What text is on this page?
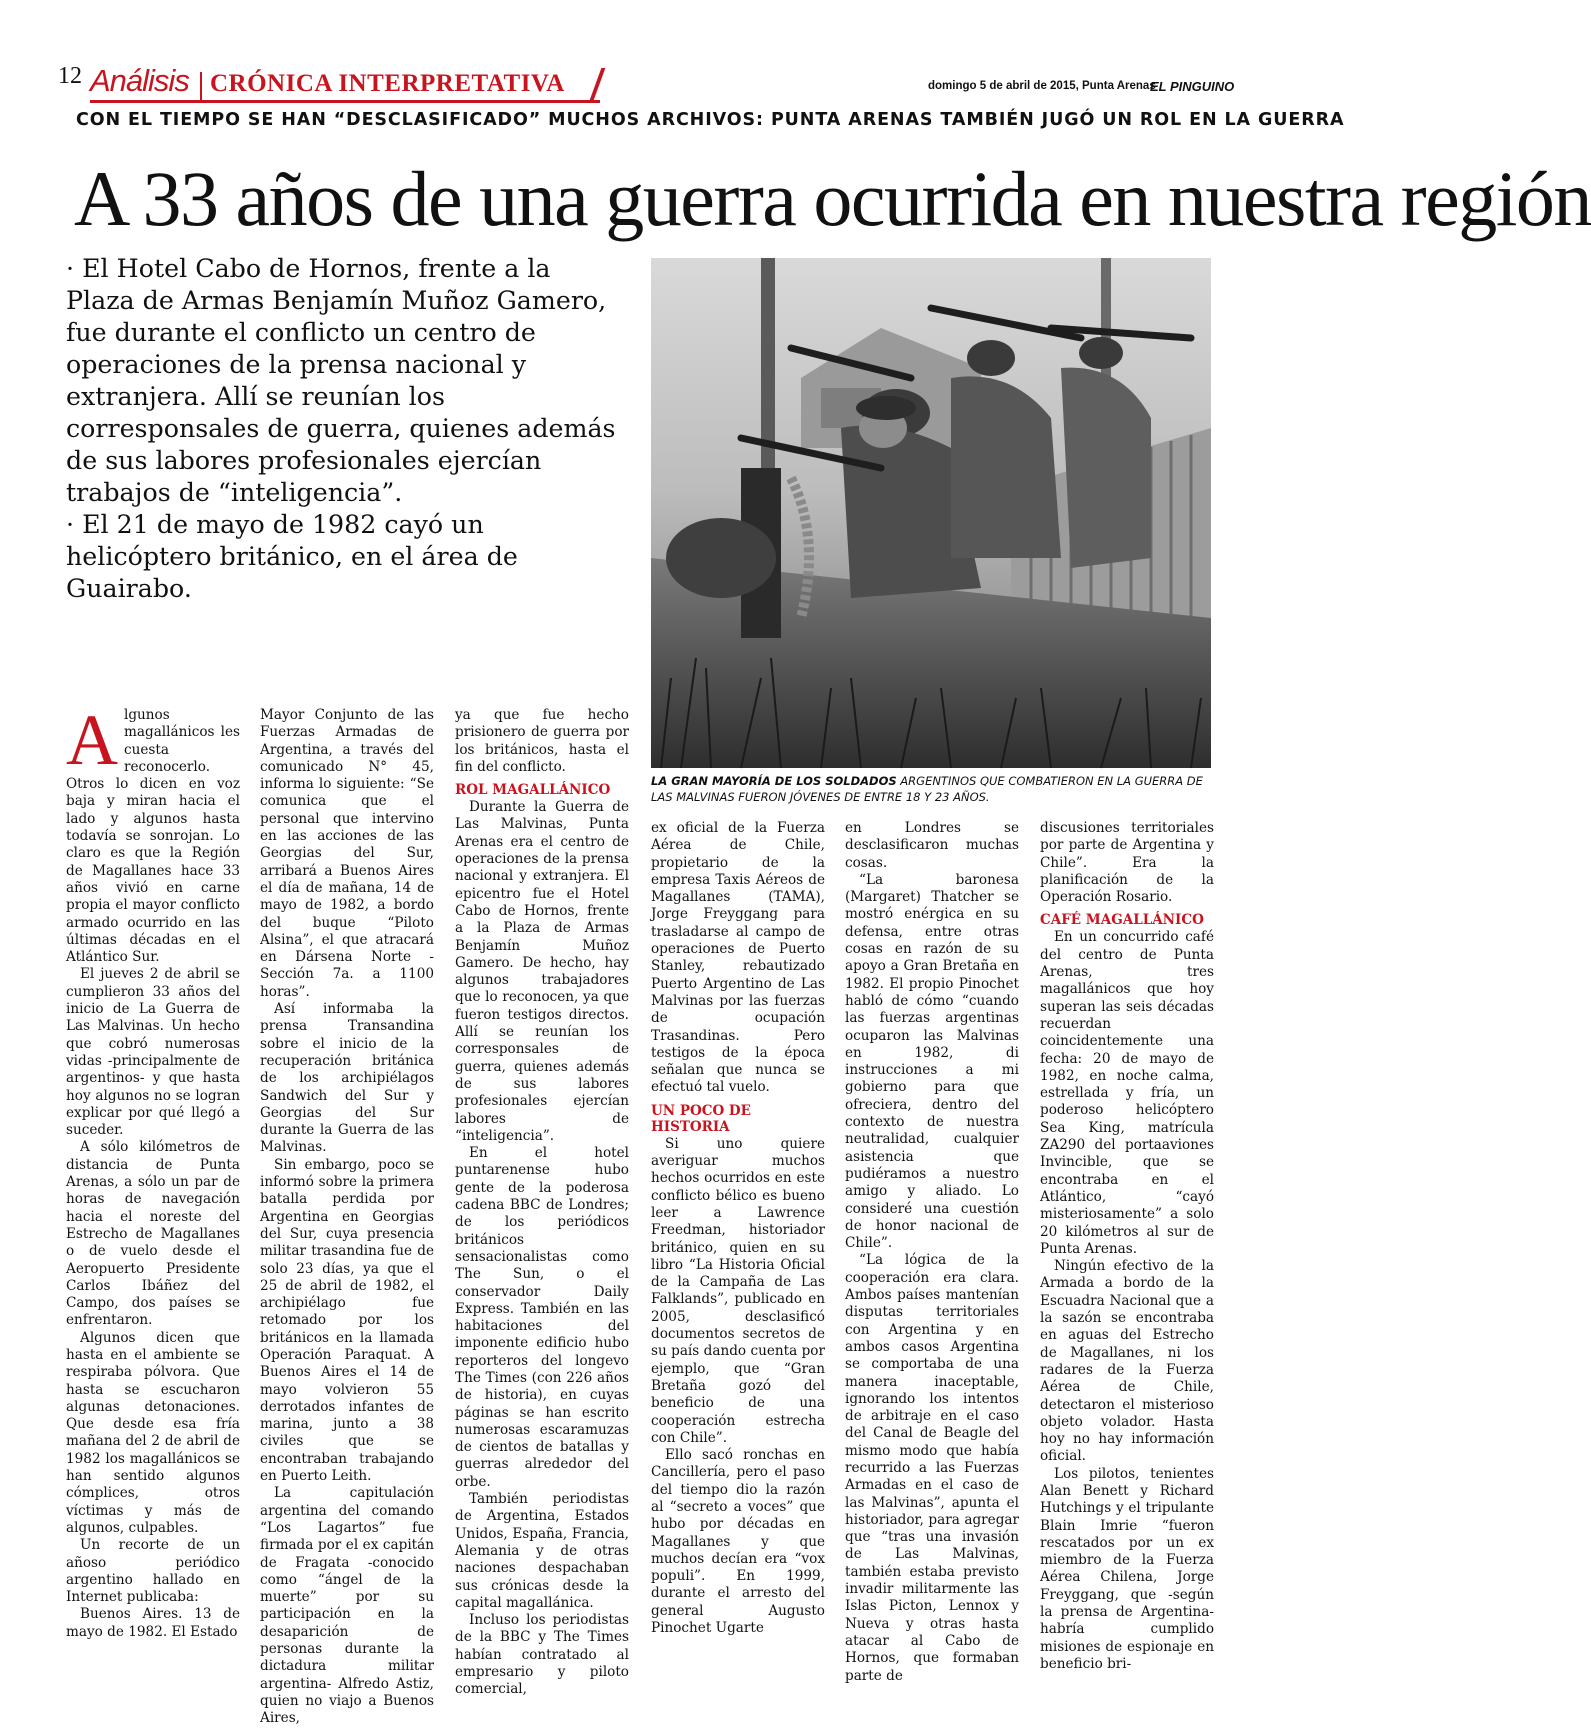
12 Análisis CRÓNICA INTERPRETATIVA	domingo 5 de abril de 2015, Punta Arenas
EL PINGUINO
CON EL TIEMPO SE HAN “DESCLASIFICADO” MUCHOS ARCHIVOS: PUNTA ARENAS TAMBIÉN JUGÓ UN ROL EN LA GUERRA
A 33 años de una guerra ocurrida en nuestra región

· El Hotel Cabo de Hornos, frente a la Plaza de Armas Benjamín Muñoz Gamero, fue durante el conflicto un centro de operaciones de la prensa nacional y extranjera. Allí se reunían los corresponsales de guerra, quienes además de sus labores profesionales ejercían trabajos de “inteligencia”.

· El 21 de mayo de 1982 cayó un helicóptero británico, en el área de Guairabo.

LA GRAN MAYORÍA DE LOS SOLDADOS ARGENTINOS QUE COMBATIERON EN LA GUERRA DE LAS MALVINAS FUERON JÓVENES DE ENTRE 18 Y 23 AÑOS.
A lgunos magallánicos les cuesta reconocerlo. Otros lo dicen en voz baja y miran hacia el lado y algunos hasta todavía se sonrojan. Lo claro es que la Región de Magallanes hace 33 años vivió en carne propia el mayor conflicto armado ocurrido en las últimas décadas en el Atlántico Sur.

El jueves 2 de abril se cumplieron 33 años del inicio de La Guerra de Las Malvinas. Un hecho que cobró numerosas vidas -principalmente de argentinos- y que hasta hoy algunos no se logran explicar por qué llegó a suceder.

A sólo kilómetros de distancia de Punta Arenas, a sólo un par de horas de navegación hacia el noreste del Estrecho de Magallanes o de vuelo desde el Aeropuerto Presidente Carlos Ibáñez del Campo, dos países se enfrentaron.

Algunos dicen que hasta en el ambiente se respiraba pólvora. Que hasta se escucharon algunas detonaciones. Que desde esa fría mañana del 2 de abril de 1982 los magallánicos se han sentido algunos cómplices, otros víctimas y más de algunos, culpables.

Un recorte de un añoso periódico argentino hallado en Internet publicaba:

Buenos Aires. 13 de mayo de 1982. El Estado

Mayor Conjunto de las Fuerzas Armadas de Argentina, a través del comunicado N° 45, informa lo siguiente: “Se comunica que el personal que intervino en las acciones de las Georgias del Sur, arribará a Buenos Aires el día de mañana, 14 de mayo de 1982, a bordo del buque “Piloto Alsina”, el que atracará en Dársena Norte - Sección 7a. a 1100 horas”.

Así informaba la prensa Transandina sobre el inicio de la recuperación británica de los archipiélagos Sandwich del Sur y Georgias del Sur durante la Guerra de las Malvinas.

Sin embargo, poco se informó sobre la primera batalla perdida por Argentina en Georgias del Sur, cuya presencia militar trasandina fue de solo 23 días, ya que el 25 de abril de 1982, el archipiélago fue retomado por los británicos en la llamada Operación Paraquat. A Buenos Aires el 14 de mayo volvieron 55 derrotados infantes de marina, junto a 38 civiles que se encontraban trabajando en Puerto Leith.

La capitulación argentina del comando “Los Lagartos” fue firmada por el ex capitán de Fragata -conocido como “ángel de la muerte” por su participación en la desaparición de personas durante la dictadura militar argentina- Alfredo Astiz, quien no viajo a Buenos Aires,

ya que fue hecho prisionero de guerra por los británicos, hasta el fin del conflicto.

ROL MAGALLÁNICO

Durante la Guerra de Las Malvinas, Punta Arenas era el centro de operaciones de la prensa nacional y extranjera. El epicentro fue el Hotel Cabo de Hornos, frente a la Plaza de Armas Benjamín Muñoz Gamero. De hecho, hay algunos trabajadores que lo reconocen, ya que fueron testigos directos. Allí se reunían los corresponsales de guerra, quienes además de sus labores profesionales ejercían labores de “inteligencia”.

En el hotel puntarenense hubo gente de la poderosa cadena BBC de Londres; de los periódicos británicos sensacionalistas como The Sun, o el conservador Daily Express. También en las habitaciones del imponente edificio hubo reporteros del longevo The Times (con 226 años de historia), en cuyas páginas se han escrito numerosas escaramuzas de cientos de batallas y guerras alrededor del orbe.

También periodistas de Argentina, Estados Unidos, España, Francia, Alemania y de otras naciones despachaban sus crónicas desde la capital magallánica.

Incluso los periodistas de la BBC y The Times habían contratado al empresario y piloto comercial,

ex oficial de la Fuerza Aérea de Chile, propietario de la empresa Taxis Aéreos de Magallanes (TAMA), Jorge Freyggang para trasladarse al campo de operaciones de Puerto Stanley, rebautizado Puerto Argentino de Las Malvinas por las fuerzas de ocupación Trasandinas. Pero testigos de la época señalan que nunca se efectuó tal vuelo.

UN POCO DE HISTORIA

Si uno quiere averiguar muchos hechos ocurridos en este conflicto bélico es bueno leer a Lawrence Freedman, historiador británico, quien en su libro “La Historia Oficial de la Campaña de Las Falklands”, publicado en 2005, desclasificó documentos secretos de su país dando cuenta por ejemplo, que “Gran Bretaña gozó del beneficio de una cooperación estrecha con Chile”.

Ello sacó ronchas en Cancillería, pero el paso del tiempo dio la razón al “secreto a voces” que hubo por décadas en Magallanes y que muchos decían era “vox populi”. En 1999, durante el arresto del general Augusto Pinochet Ugarte

en Londres se desclasificaron muchas cosas.

“La baronesa (Margaret) Thatcher se mostró enérgica en su defensa, entre otras cosas en razón de su apoyo a Gran Bretaña en 1982. El propio Pinochet habló de cómo “cuando las fuerzas argentinas ocuparon las Malvinas en 1982, di instrucciones a mi gobierno para que ofreciera, dentro del contexto de nuestra neutralidad, cualquier asistencia que pudiéramos a nuestro amigo y aliado. Lo consideré una cuestión de honor nacional de Chile”.

“La lógica de la cooperación era clara. Ambos países mantenían disputas territoriales con Argentina y en ambos casos Argentina se comportaba de una manera inaceptable, ignorando los intentos de arbitraje en el caso del Canal de Beagle del mismo modo que había recurrido a las Fuerzas Armadas en el caso de las Malvinas”, apunta el historiador, para agregar que “tras una invasión de Las Malvinas, también estaba previsto invadir militarmente las Islas Picton, Lennox y Nueva y otras hasta atacar al Cabo de Hornos, que formaban parte de

discusiones territoriales por parte de Argentina y Chile”. Era la planificación de la Operación Rosario.

CAFÉ MAGALLÁNICO

En un concurrido café del centro de Punta Arenas, tres magallánicos que hoy superan las seis décadas recuerdan coincidentemente una fecha: 20 de mayo de 1982, en noche calma, estrellada y fría, un poderoso helicóptero Sea King, matrícula ZA290 del portaaviones Invincible, que se encontraba en el Atlántico, “cayó misteriosamente” a solo 20 kilómetros al sur de Punta Arenas.

Ningún efectivo de la Armada a bordo de la Escuadra Nacional que a la sazón se encontraba en aguas del Estrecho de Magallanes, ni los radares de la Fuerza Aérea de Chile, detectaron el misterioso objeto volador. Hasta hoy no hay información oficial.

Los pilotos, tenientes Alan Benett y Richard Hutchings y el tripulante Blain Imrie “fueron rescatados por un ex miembro de la Fuerza Aérea Chilena, Jorge Freyggang, que -según la prensa de Argentina- habría cumplido misiones de espionaje en beneficio bri-
